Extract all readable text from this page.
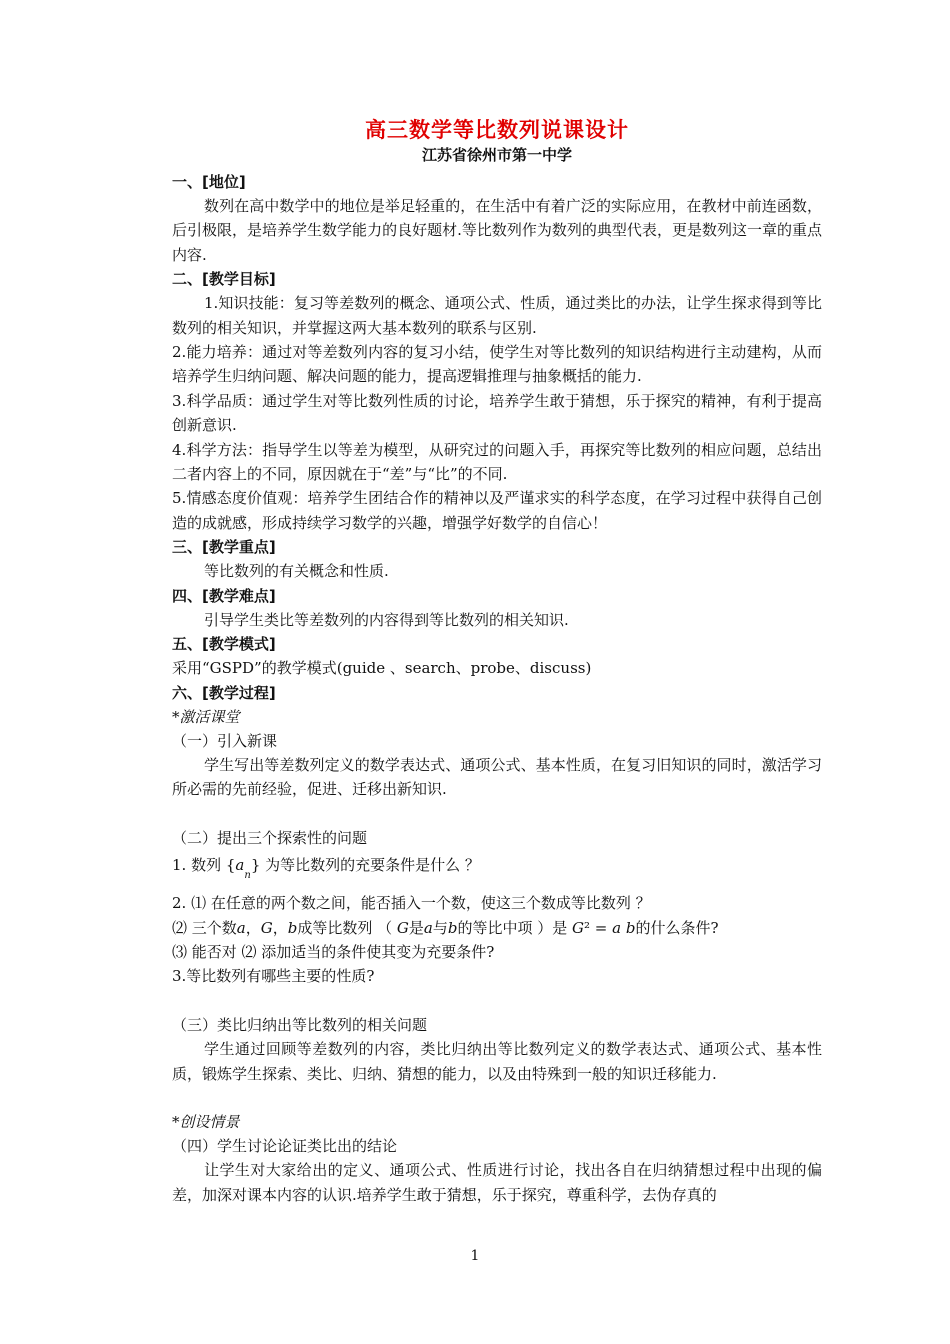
高三数学等比数列说课设计

江苏省徐州市第一中学

一、[地位]

数列在高中数学中的地位是举足轻重的，在生活中有着广泛的实际应用，在教材中前连函数，后引极限，是培养学生数学能力的良好题材.等比数列作为数列的典型代表，更是数列这一章的重点内容.

二、[教学目标]

1.知识技能：复习等差数列的概念、通项公式、性质，通过类比的办法，让学生探求得到等比数列的相关知识，并掌握这两大基本数列的联系与区别.

2.能力培养：通过对等差数列内容的复习小结，使学生对等比数列的知识结构进行主动建构，从而培养学生归纳问题、解决问题的能力，提高逻辑推理与抽象概括的能力.

3.科学品质：通过学生对等比数列性质的讨论，培养学生敢于猜想，乐于探究的精神，有利于提高创新意识.

4.科学方法：指导学生以等差为模型，从研究过的问题入手，再探究等比数列的相应问题，总结出二者内容上的不同，原因就在于“差”与“比”的不同.

5.情感态度价值观：培养学生团结合作的精神以及严谨求实的科学态度，在学习过程中获得自己创造的成就感，形成持续学习数学的兴趣，增强学好数学的自信心！

三、[教学重点]

等比数列的有关概念和性质.

四、[教学难点]

引导学生类比等差数列的内容得到等比数列的相关知识.

五、[教学模式]

采用“GSPD”的教学模式(guide 、search、probe、discuss)

六、[教学过程]

*激活课堂

（一）引入新课

学生写出等差数列定义的数学表达式、通项公式、基本性质，在复习旧知识的同时，激活学习所必需的先前经验，促进、迁移出新知识.

（二）提出三个探索性的问题

1. 数列 $\{a_n\}$ 为等比数列的充要条件是什么 ？

2. ⑴ 在任意的两个数之间，能否插入一个数，使这三个数成等比数列 ？

⑵ 三个数a，G，b成等比数列 （ G是a与b的等比中项 ）是 G² = a b的什么条件?

⑶ 能否对 ⑵ 添加适当的条件使其变为充要条件?

3.等比数列有哪些主要的性质?

（三）类比归纳出等比数列的相关问题

学生通过回顾等差数列的内容，类比归纳出等比数列定义的数学表达式、通项公式、基本性质，锻炼学生探索、类比、归纳、猜想的能力，以及由特殊到一般的知识迁移能力.

*创设情景

（四）学生讨论论证类比出的结论

让学生对大家给出的定义、通项公式、性质进行讨论，找出各自在归纳猜想过程中出现的偏差，加深对课本内容的认识.培养学生敢于猜想，乐于探究，尊重科学，去伪存真的

1
